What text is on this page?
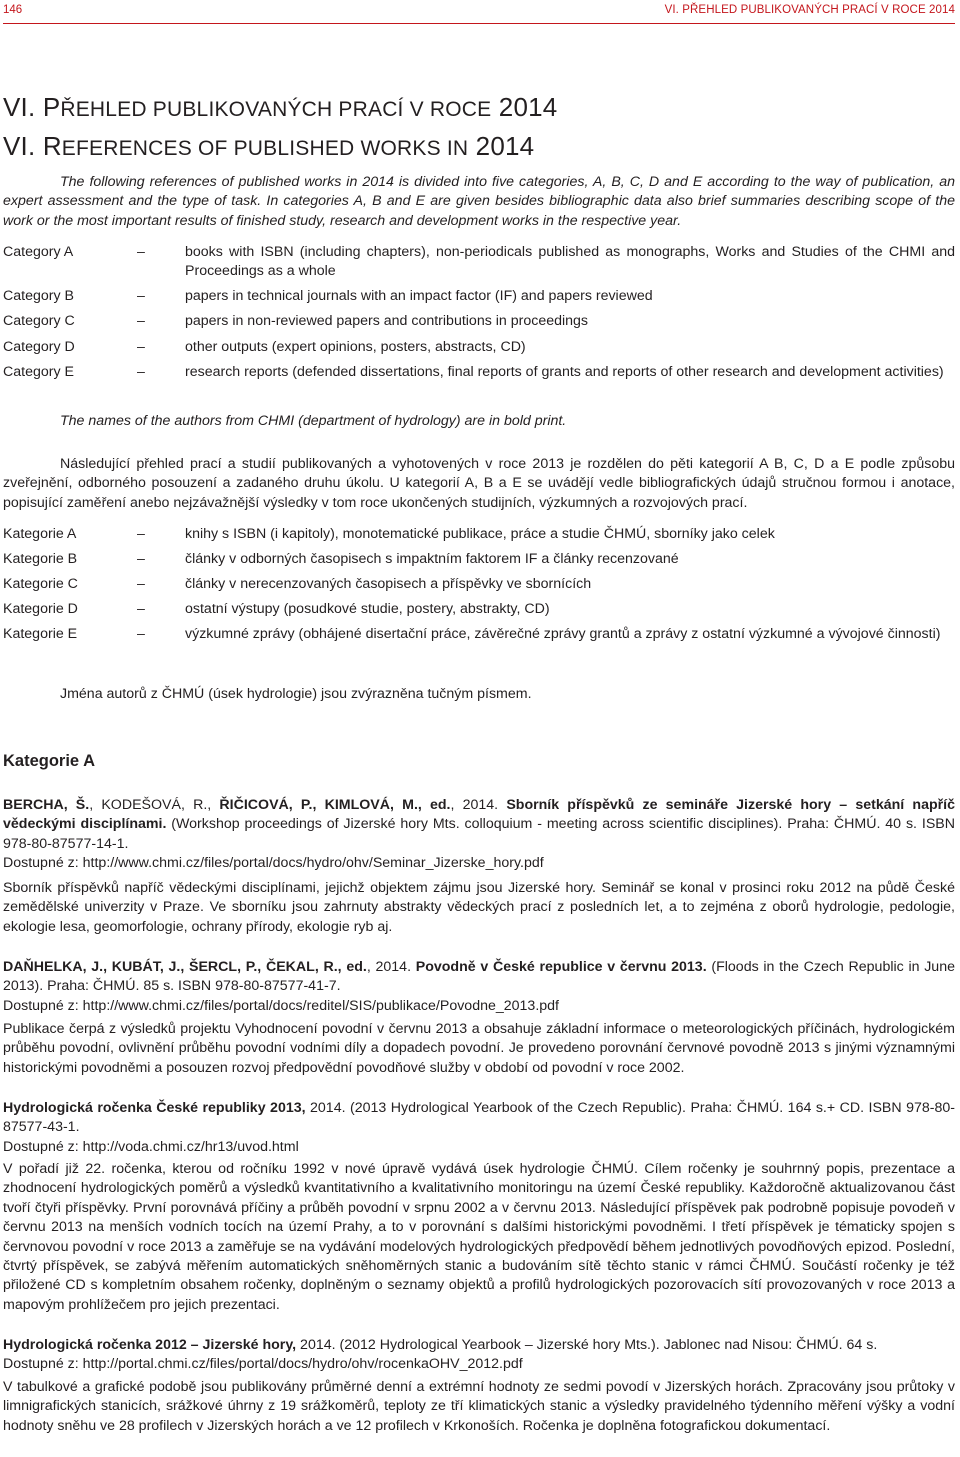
146	VI. PŘEHLED PUBLIKOVANÝCH PRACÍ V ROCE 2014
VI. PŘEHLED PUBLIKOVANÝCH PRACÍ V ROCE 2014
VI. REFERENCES OF PUBLISHED WORKS IN 2014

The following references of published works in 2014 is divided into five categories, A, B, C, D and E according to the way of publication, an expert assessment and the type of task. In categories A, B and E are given besides bibliographic data also brief summaries describing scope of the work or the most important results of finished study, research and development works in the respective year.

Category A	–	books with ISBN (including chapters), non-periodicals published as monographs, Works and Studies of the CHMI and Proceedings as a whole
Category B	–	papers in technical journals with an impact factor (IF) and papers reviewed
Category C	–	papers in non-reviewed papers and contributions in proceedings
Category D	–	other outputs (expert opinions, posters, abstracts, CD)
Category E	–	research reports (defended dissertations, final reports of grants and reports of other research and development activities)

The names of the authors from CHMI (department of hydrology) are in bold print.

Následující přehled prací a studií publikovaných a vyhotovených v roce 2013 je rozdělen do pěti kategorií A B, C, D a E podle způsobu zveřejnění, odborného posouzení a zadaného druhu úkolu. U kategorií A, B a E se uvádějí vedle bibliografických údajů stručnou formou i anotace, popisující zaměření anebo nejzávažnější výsledky v tom roce ukončených studijních, výzkumných a rozvojových prací.

Kategorie A	–	knihy s ISBN (i kapitoly), monotematické publikace, práce a studie ČHMÚ, sborníky jako celek
Kategorie B	–	články v odborných časopisech s impaktním faktorem IF a články recenzované
Kategorie C	–	články v nerecenzovaných časopisech a příspěvky ve sbornících
Kategorie D	–	ostatní výstupy (posudkové studie, postery, abstrakty, CD)
Kategorie E	–	výzkumné zprávy (obhájené disertační práce, závěrečné zprávy grantů a zprávy z ostatní výzkumné a vývojové činnosti)

Jména autorů z ČHMÚ (úsek hydrologie) jsou zvýrazněna tučným písmem.

Kategorie A

BERCHA, Š., KODEŠOVÁ, R., ŘIČICOVÁ, P., KIMLOVÁ, M., ed., 2014. Sborník příspěvků ze semináře Jizerské hory – setkání napříč vědeckými disciplínami. (Workshop proceedings of Jizerské hory Mts. colloquium - meeting across scientific disciplines). Praha: ČHMÚ. 40 s. ISBN 978-80-87577-14-1.
Dostupné z: http://www.chmi.cz/files/portal/docs/hydro/ohv/Seminar_Jizerske_hory.pdf

Sborník příspěvků napříč vědeckými disciplínami, jejichž objektem zájmu jsou Jizerské hory. Seminář se konal v prosinci roku 2012 na půdě České zemědělské univerzity v Praze. Ve sborníku jsou zahrnuty abstrakty vědeckých prací z posledních let, a to zejména z oborů hydrologie, pedologie, ekologie lesa, geomorfologie, ochrany přírody, ekologie ryb aj.

DAŇHELKA, J., KUBÁT, J., ŠERCL, P., ČEKAL, R., ed., 2014. Povodně v České republice v červnu 2013. (Floods in the Czech Republic in June 2013). Praha: ČHMÚ. 85 s. ISBN 978-80-87577-41-7.
Dostupné z: http://www.chmi.cz/files/portal/docs/reditel/SIS/publikace/Povodne_2013.pdf

Publikace čerpá z výsledků projektu Vyhodnocení povodní v červnu 2013 a obsahuje základní informace o meteorologických příčinách, hydrologickém průběhu povodní, ovlivnění průběhu povodní vodními díly a dopadech povodní. Je provedeno porovnání červnové povodně 2013 s jinými významnými historickými povodněmi a posouzen rozvoj předpovědní povodňové služby v období od povodní v roce 2002.

Hydrologická ročenka České republiky 2013, 2014. (2013 Hydrological Yearbook of the Czech Republic). Praha: ČHMÚ. 164 s.+ CD. ISBN 978-80-87577-43-1.
Dostupné z: http://voda.chmi.cz/hr13/uvod.html

V pořadí již 22. ročenka, kterou od ročníku 1992 v nové úpravě vydává úsek hydrologie ČHMÚ. Cílem ročenky je souhrnný popis, prezentace a zhodnocení hydrologických poměrů a výsledků kvantitativního a kvalitativního monitoringu na území České republiky. Každoročně aktualizovanou část tvoří čtyři příspěvky. První porovnává příčiny a průběh povodní v srpnu 2002 a v červnu 2013. Následující příspěvek pak podrobně popisuje povodeň v červnu 2013 na menších vodních tocích na území Prahy, a to v porovnání s dalšími historickými povodněmi. I třetí příspěvek je tématicky spojen s červnovou povodní v roce 2013 a zaměřuje se na vydávání modelových hydrologických předpovědí během jednotlivých povodňových epizod. Poslední, čtvrtý příspěvek, se zabývá měřením automatických sněhoměrných stanic a budováním sítě těchto stanic v rámci ČHMÚ. Součástí ročenky je též přiložené CD s kompletním obsahem ročenky, doplněným o seznamy objektů a profilů hydrologických pozorovacích sítí provozovaných v roce 2013 a mapovým prohlížečem pro jejich prezentaci.

Hydrologická ročenka 2012 – Jizerské hory, 2014. (2012 Hydrological Yearbook – Jizerské hory Mts.). Jablonec nad Nisou: ČHMÚ. 64 s.
Dostupné z: http://portal.chmi.cz/files/portal/docs/hydro/ohv/rocenkaOHV_2012.pdf

V tabulkové a grafické podobě jsou publikovány průměrné denní a extrémní hodnoty ze sedmi povodí v Jizerských horách. Zpracovány jsou průtoky v limnigrafických stanicích, srážkové úhrny z 19 srážkoměrů, teploty ze tří klimatických stanic a výsledky pravidelného týdenního měření výšky a vodní hodnoty sněhu ve 28 profilech v Jizerských horách a ve 12 profilech v Krkonoších. Ročenka je doplněna fotografickou dokumentací.
